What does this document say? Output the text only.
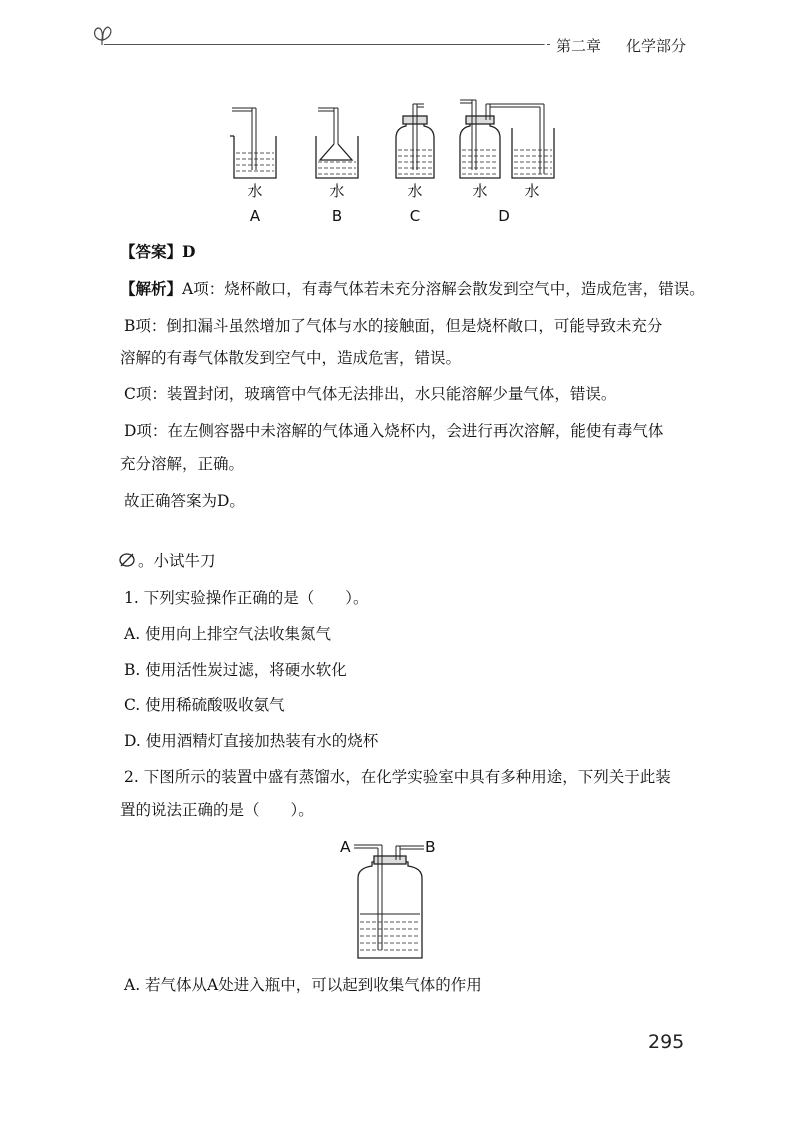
第二章 化学部分
水	水	水	水	水
A	B	C	D
【答案】D
【解析】A项：烧杯敞口，有毒气体若未充分溶解会散发到空气中，造成危害，错误。
B项：倒扣漏斗虽然增加了气体与水的接触面，但是烧杯敞口，可能导致未充分
溶解的有毒气体散发到空气中，造成危害，错误。
C项：装置封闭，玻璃管中气体无法排出，水只能溶解少量气体，错误。
D项：在左侧容器中未溶解的气体通入烧杯内，会进行再次溶解，能使有毒气体
充分溶解，正确。
故正确答案为D。
。小试牛刀
1. 下列实验操作正确的是（　　）。
A. 使用向上排空气法收集氮气
B. 使用活性炭过滤，将硬水软化
C. 使用稀硫酸吸收氨气
D. 使用酒精灯直接加热装有水的烧杯
2. 下图所示的装置中盛有蒸馏水，在化学实验室中具有多种用途，下列关于此装
置的说法正确的是（　　）。
A	B
A. 若气体从A处进入瓶中，可以起到收集气体的作用
295
